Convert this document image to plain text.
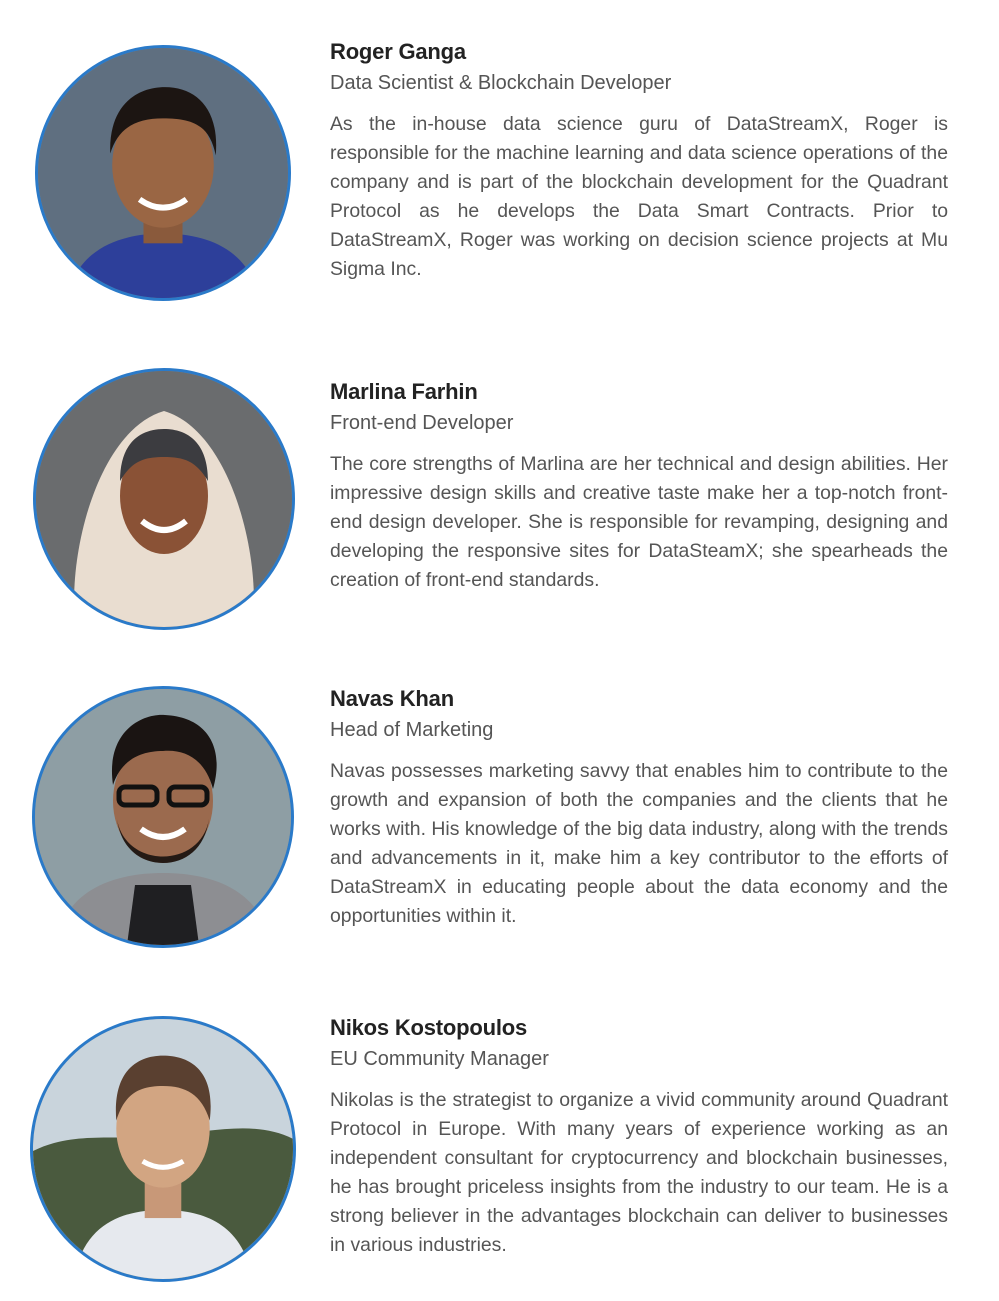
Roger Ganga

Data Scientist & Blockchain Developer

As the in-house data science guru of DataStreamX, Roger is responsible for the machine learning and data science operations of the company and is part of the blockchain development for the Quadrant Protocol as he develops the Data Smart Contracts. Prior to DataStreamX, Roger was working on decision science projects at Mu Sigma Inc.

Marlina Farhin

Front-end Developer

The core strengths of Marlina are her technical and design abilities. Her impressive design skills and creative taste make her a top-notch front-end design developer. She is responsible for revamping, designing and developing the responsive sites for DataSteamX; she spearheads the creation of front-end standards.

Navas Khan

Head of Marketing

Navas possesses marketing savvy that enables him to contribute to the growth and expansion of both the companies and the clients that he works with. His knowledge of the big data industry, along with the trends and advancements in it, make him a key contributor to the efforts of DataStreamX in educating people about the data economy and the opportunities within it.

Nikos Kostopoulos

EU Community Manager

Nikolas is the strategist to organize a vivid community around Quadrant Protocol in Europe. With many years of experience working as an independent consultant for cryptocurrency and blockchain businesses, he has brought priceless insights from the industry to our team. He is a strong believer in the advantages blockchain can deliver to businesses in various industries.
